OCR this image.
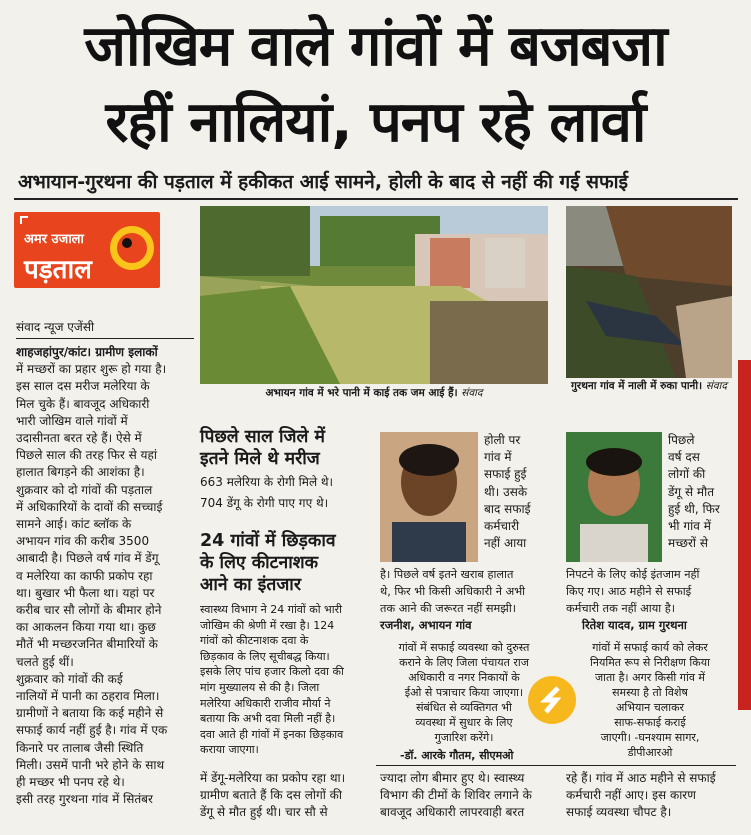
जोखिम वाले गांवों में बजबजा
रहीं नालियां, पनप रहे लार्वा
अभायान-गुरथना की पड़ताल में हकीकत आई सामने, होली के बाद से नहीं की गई सफाई
अमर उजाला
पड़ताल
संवाद न्यूज एजेंसी
शाहजहांपुर/कांट। ग्रामीण इलाकों
में मच्छरों का प्रहार शुरू हो गया है।
इस साल दस मरीज मलेरिया के
मिल चुके हैं। बावजूद अधिकारी
भारी जोखिम वाले गांवों में
उदासीनता बरत रहे हैं। ऐसे में
पिछले साल की तरह फिर से यहां
हालात बिगड़ने की आशंका है।
शुक्रवार को दो गांवों की पड़ताल
में अधिकारियों के दावों की सच्चाई
सामने आई। कांट ब्लॉक के
अभायन गांव की करीब 3500
आबादी है। पिछले वर्ष गांव में डेंगू
व मलेरिया का काफी प्रकोप रहा
था। बुखार भी फैला था। यहां पर
करीब चार सौ लोगों के बीमार होने
का आकलन किया गया था। कुछ
मौतें भी मच्छरजनित बीमारियों के
चलते हुई थीं।
शुक्रवार को गांवों की कई
नालियों में पानी का ठहराव मिला।
ग्रामीणों ने बताया कि कई महीने से
सफाई कार्य नहीं हुई है। गांव में एक
किनारे पर तालाब जैसी स्थिति
मिली। उसमें पानी भरे होने के साथ
ही मच्छर भी पनप रहे थे।
इसी तरह गुरथना गांव में सितंबर
अभायन गांव में भरे पानी में काई तक जम आई हैं। संवाद
गुरथना गांव में नाली में रुका पानी। संवाद
पिछले साल जिले में
इतने मिले थे मरीज
663 मलेरिया के रोगी मिले थे।
704 डेंगू के रोगी पाए गए थे।
24 गांवों में छिड़काव
के लिए कीटनाशक
आने का इंतजार
स्वास्थ्य विभाग ने 24 गांवों को भारी
जोखिम की श्रेणी में रखा है। 124
गांवों को कीटनाशक दवा के
छिड़काव के लिए सूचीबद्ध किया।
इसके लिए पांच हजार किलो दवा की
मांग मुख्यालय से की है। जिला
मलेरिया अधिकारी राजीव मौर्या ने
बताया कि अभी दवा मिली नहीं है।
दवा आते ही गांवों में इनका छिड़काव
कराया जाएगा।
में डेंगू-मलेरिया का प्रकोप रहा था।
ग्रामीण बताते हैं कि दस लोगों की
डेंगू से मौत हुई थी। चार सौ से
होली पर
गांव में
सफाई हुई
थी। उसके
बाद सफाई
कर्मचारी
नहीं आया
है। पिछले वर्ष इतने खराब हालात
थे, फिर भी किसी अधिकारी ने अभी
तक आने की जरूरत नहीं समझी।
रजनीश, अभायन गांव
पिछले
वर्ष दस
लोगों की
डेंगू से मौत
हुई थी, फिर
भी गांव में
मच्छरों से
निपटने के लिए कोई इंतजाम नहीं
किए गए। आठ महीने से सफाई
कर्मचारी तक नहीं आया है।
रितेश यादव, ग्राम गुरथना
गांवों में सफाई व्यवस्था को दुरुस्त
कराने के लिए जिला पंचायत राज
अधिकारी व नगर निकायों के
ईओ से पत्राचार किया जाएगा।
संबंधित से व्यक्तिगत भी
व्यवस्था में सुधार के लिए
गुजारिश करेंगे।
-डॉ. आरके गौतम, सीएमओ
गांवों में सफाई कार्य को लेकर
नियमित रूप से निरीक्षण किया
जाता है। अगर किसी गांव में
समस्या है तो विशेष
अभियान चलाकर
साफ-सफाई कराई
जाएगी। -घनश्याम सागर,
डीपीआरओ
ज्यादा लोग बीमार हुए थे। स्वास्थ्य
विभाग की टीमों के शिविर लगाने के
बावजूद अधिकारी लापरवाही बरत
रहे हैं। गांव में आठ महीने से सफाई
कर्मचारी नहीं आए। इस कारण
सफाई व्यवस्था चौपट है।
